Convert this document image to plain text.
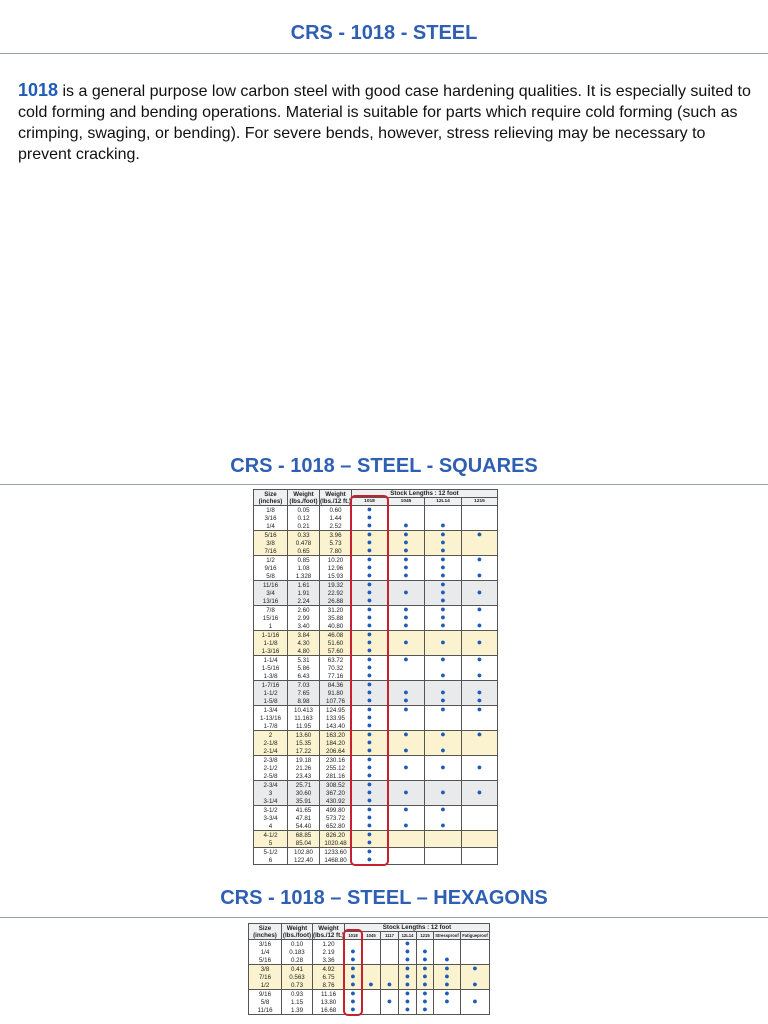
CRS - 1018 - STEEL
1018 is a general purpose low carbon steel with good case hardening qualities. It is especially suited to cold forming and bending operations. Material is suitable for parts which require cold forming (such as crimping, swaging, or bending). For severe bends, however, stress relieving may be necessary to prevent cracking.
CRS - 1018 – STEEL - SQUARES
Size (inches)	Weight (lbs./foot)	Weight (lbs./12 ft.)	Stock Lengths : 12 foot			
			1018	1045	12L14	1215
1/8	0.05	0.60	●			
3/16	0.12	1.44	●			
1/4	0.21	2.52	●	●	●	
5/16	0.33	3.96	●	●	●	●
3/8	0.478	5.73	●	●	●	
7/16	0.65	7.80	●	●	●	
1/2	0.85	10.20	●	●	●	●
9/16	1.08	12.96	●	●	●	
5/8	1.328	15.93	●	●	●	●
11/16	1.61	19.32	●		●	
3/4	1.91	22.92	●	●	●	●
13/16	2.24	26.88	●		●	
7/8	2.60	31.20	●	●	●	●
15/16	2.99	35.88	●	●	●	
1	3.40	40.80	●	●	●	●
1-1/16	3.84	46.08	●			
1-1/8	4.30	51.60	●	●	●	●
1-3/16	4.80	57.60	●			
1-1/4	5.31	63.72	●	●	●	●
1-5/16	5.86	70.32	●			
1-3/8	6.43	77.16	●		●	●
1-7/16	7.03	84.36	●			
1-1/2	7.65	91.80	●	●	●	●
1-5/8	8.98	107.76	●	●	●	●
1-3/4	10.413	124.95	●	●	●	●
1-13/16	11.163	133.95	●			
1-7/8	11.95	143.40	●			
2	13.60	163.20	●	●	●	●
2-1/8	15.35	184.20	●			
2-1/4	17.22	206.64	●	●	●	
2-3/8	19.18	230.16	●			
2-1/2	21.26	255.12	●	●	●	●
2-5/8	23.43	281.16	●			
2-3/4	25.71	308.52	●			
3	30.60	367.20	●	●	●	●
3-1/4	35.91	430.92	●			
3-1/2	41.65	499.80	●	●	●	
3-3/4	47.81	573.72	●			
4	54.40	652.80	●	●	●	
4-1/2	68.85	826.20	●			
5	85.04	1020.48	●			
5-1/2	102.80	1233.60	●			
6	122.40	1468.80	●			
CRS - 1018 – STEEL – HEXAGONS
Size (inches)	Weight (lbs./foot)	Weight (lbs./12 ft.)	Stock Lengths : 12 foot						
			1018	1045	1117	12L14	1215	Stressproof	Fatigueproof
3/16	0.10	1.20				●			
1/4	0.183	2.19	●			●	●		
5/16	0.28	3.36	●			●	●	●	
3/8	0.41	4.92	●			●	●	●	●
7/16	0.563	6.75	●			●	●	●	
1/2	0.73	8.76	●	●	●	●	●	●	●
9/16	0.93	11.16	●			●	●	●	
5/8	1.15	13.80	●		●	●	●	●	●
11/16	1.39	16.68	●			●	●		
